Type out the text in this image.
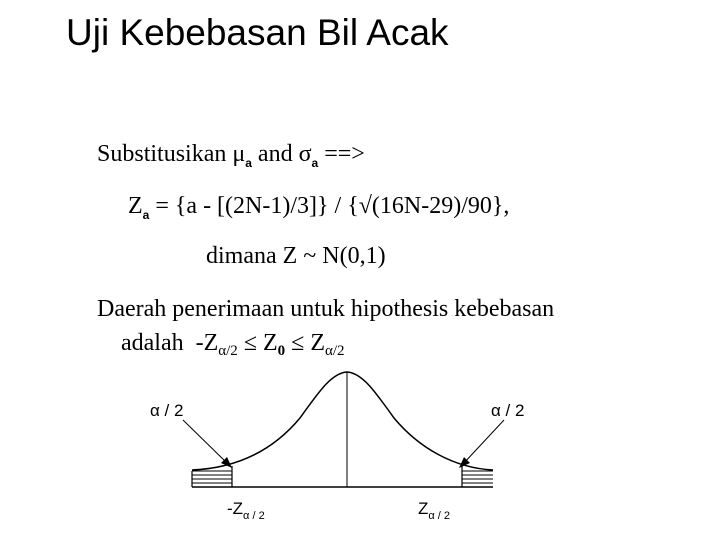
Uji Kebebasan Bil Acak
Substitusikan $\mu_a$ and $\sigma_a$ ==>
$Z_a = \{a - [(2N-1)/3]\} / \{√(16N-29)/90\}$,
dimana Z ~ N(0,1)
Daerah penerimaan untuk hipothesis kebebasan
adalah  $-Z_{\alpha/2} \le Z_0 \le Z_{\alpha/2}$
α / 2	α / 2
$-Z_{\alpha / 2}$	$Z_{\alpha / 2}$
